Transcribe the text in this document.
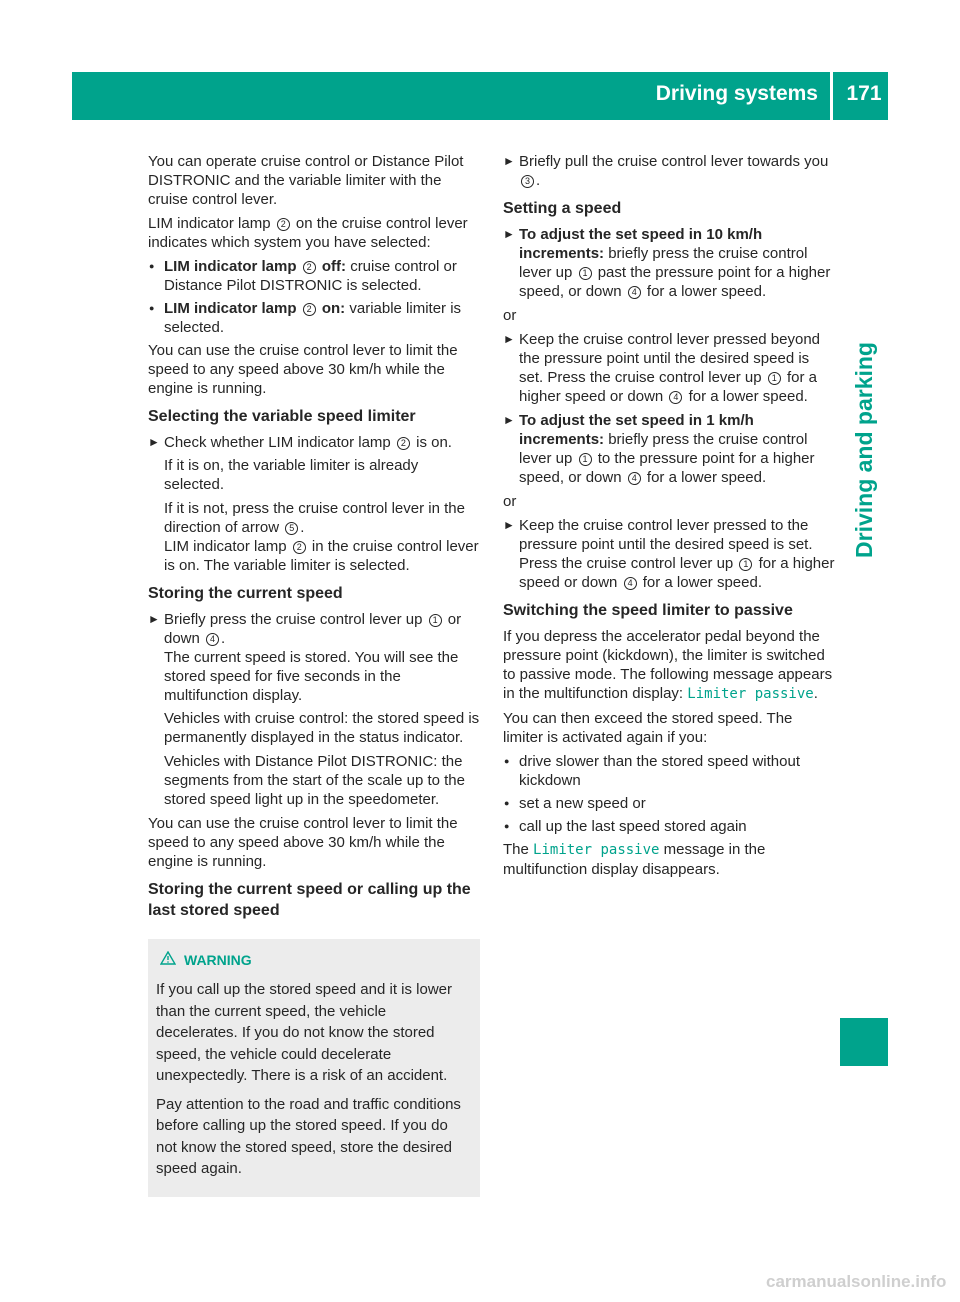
Driving systems	171
Driving and parking

You can operate cruise control or Distance Pilot DISTRONIC and the variable limiter with the cruise control lever.

LIM indicator lamp 2 on the cruise control lever indicates which system you have selected:

● LIM indicator lamp 2 off: cruise control or Distance Pilot DISTRONIC is selected.
● LIM indicator lamp 2 on: variable limiter is selected.

You can use the cruise control lever to limit the speed to any speed above 30 km/h while the engine is running.

Selecting the variable speed limiter
► Check whether LIM indicator lamp 2 is on.

If it is on, the variable limiter is already selected.

If it is not, press the cruise control lever in the direction of arrow 5 .
LIM indicator lamp 2 in the cruise control lever is on. The variable limiter is selected.

Storing the current speed
► Briefly press the cruise control lever up 1 or down 4 .
The current speed is stored. You will see the stored speed for five seconds in the multifunction display.

Vehicles with cruise control: the stored speed is permanently displayed in the status indicator.

Vehicles with Distance Pilot DISTRONIC: the segments from the start of the scale up to the stored speed light up in the speedometer.

You can use the cruise control lever to limit the speed to any speed above 30 km/h while the engine is running.

Storing the current speed or calling up the last stored speed
WARNING

If you call up the stored speed and it is lower than the current speed, the vehicle decelerates. If you do not know the stored speed, the vehicle could decelerate unexpectedly. There is a risk of an accident.

Pay attention to the road and traffic conditions before calling up the stored speed. If you do not know the stored speed, store the desired speed again.

► Briefly pull the cruise control lever towards you 3 .
Setting a speed
► To adjust the set speed in 10 km/h increments: briefly press the cruise control lever up 1 past the pressure point for a higher speed, or down 4 for a lower speed.

or

► Keep the cruise control lever pressed beyond the pressure point until the desired speed is set. Press the cruise control lever up 1 for a higher speed or down 4 for a lower speed.
► To adjust the set speed in 1 km/h increments: briefly press the cruise control lever up 1 to the pressure point for a higher speed, or down 4 for a lower speed.

or

► Keep the cruise control lever pressed to the pressure point until the desired speed is set. Press the cruise control lever up 1 for a higher speed or down 4 for a lower speed.
Switching the speed limiter to passive

If you depress the accelerator pedal beyond the pressure point (kickdown), the limiter is switched to passive mode. The following message appears in the multifunction display: Limiter passive.

You can then exceed the stored speed. The limiter is activated again if you:

● drive slower than the stored speed without kickdown
● set a new speed or
● call up the last speed stored again

The Limiter passive message in the multifunction display disappears.

carmanualsonline.info
